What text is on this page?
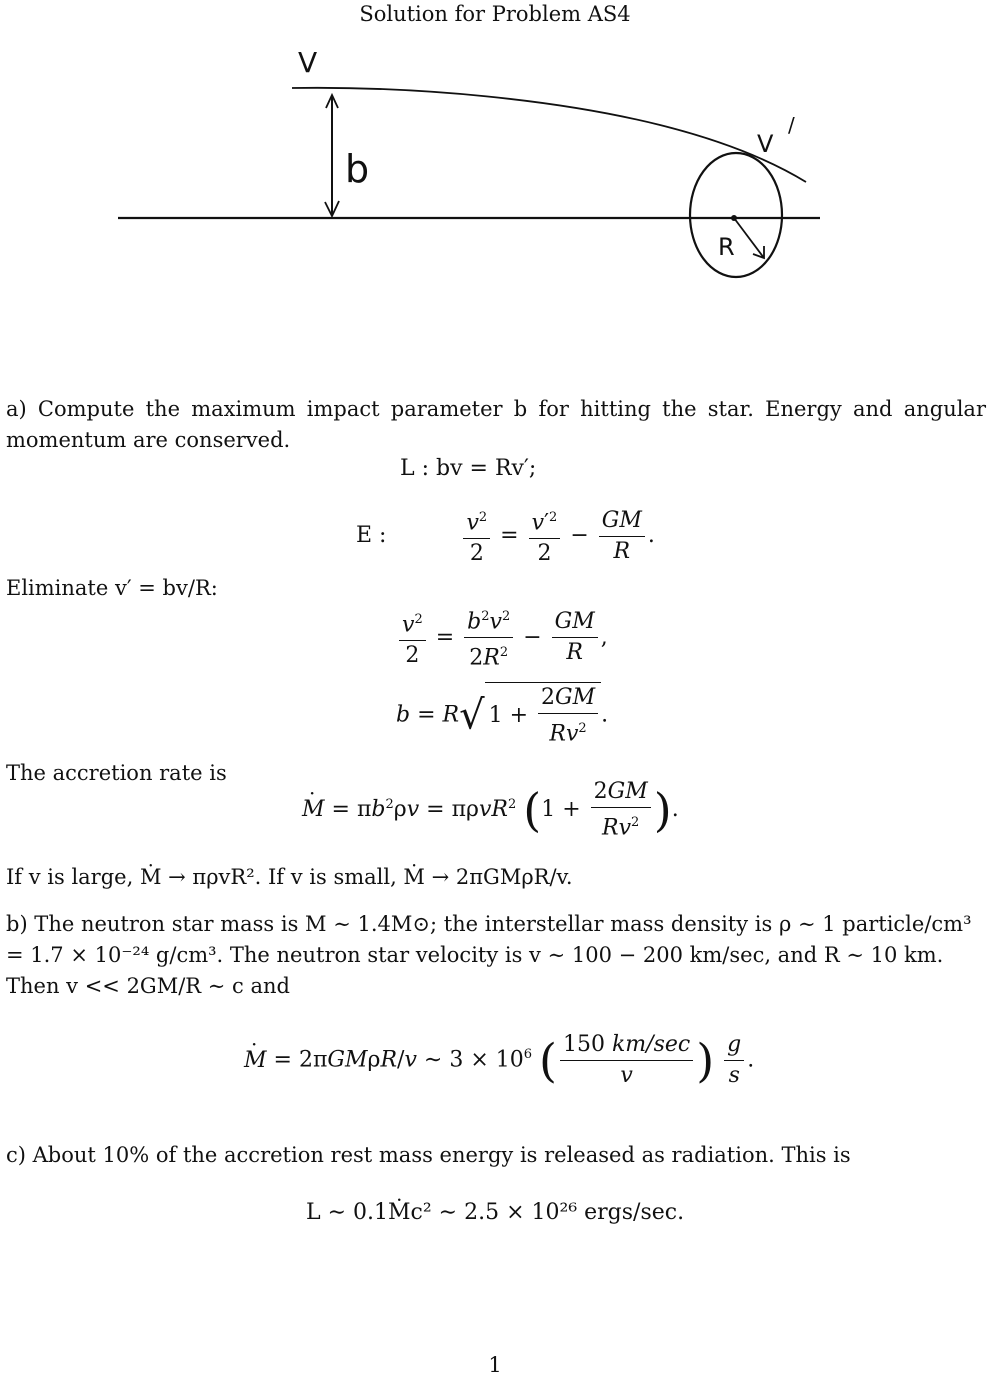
Solution for Problem AS4
V
b
V
/
R
a) Compute the maximum impact parameter b for hitting the star. Energy and angular momentum are conserved.
L : bv = Rv′;
E :	$\frac{v^2}{2} = \frac{v'^2}{2} - \frac{GM}{R}$ .
Eliminate v′ = bv/R:
$\frac{v^2}{2} = \frac{b^2v^2}{2R^2} - \frac{GM}{R}$ ,
b = R√ $1 + \frac{2GM}{Rv^2}$ .
The accretion rate is
· $M = \pi b^2\rho v = \pi\rho vR^2$ ($1 + \frac{2GM}{Rv^2}$ ).
If v is large, Ṁ → πρvR². If v is small, Ṁ → 2πGMρR/v.
b) The neutron star mass is M ∼ 1.4M⊙; the interstellar mass density is ρ ∼ 1 particle/cm³
= 1.7 × 10⁻²⁴ g/cm³. The neutron star velocity is v ∼ 100 − 200 km/sec, and R ∼ 10 km.
Then v << 2GM/R ∼ c and
· M = 2πGMρR/v ∼ $3 \times 10^6$ ( $\frac{150 km/\sec}{v}$ ) $\frac{g}{s}$ .
c) About 10% of the accretion rest mass energy is released as radiation. This is
L ∼ 0.1Ṁc² ∼ 2.5 × 10²⁶ ergs/sec.
1
